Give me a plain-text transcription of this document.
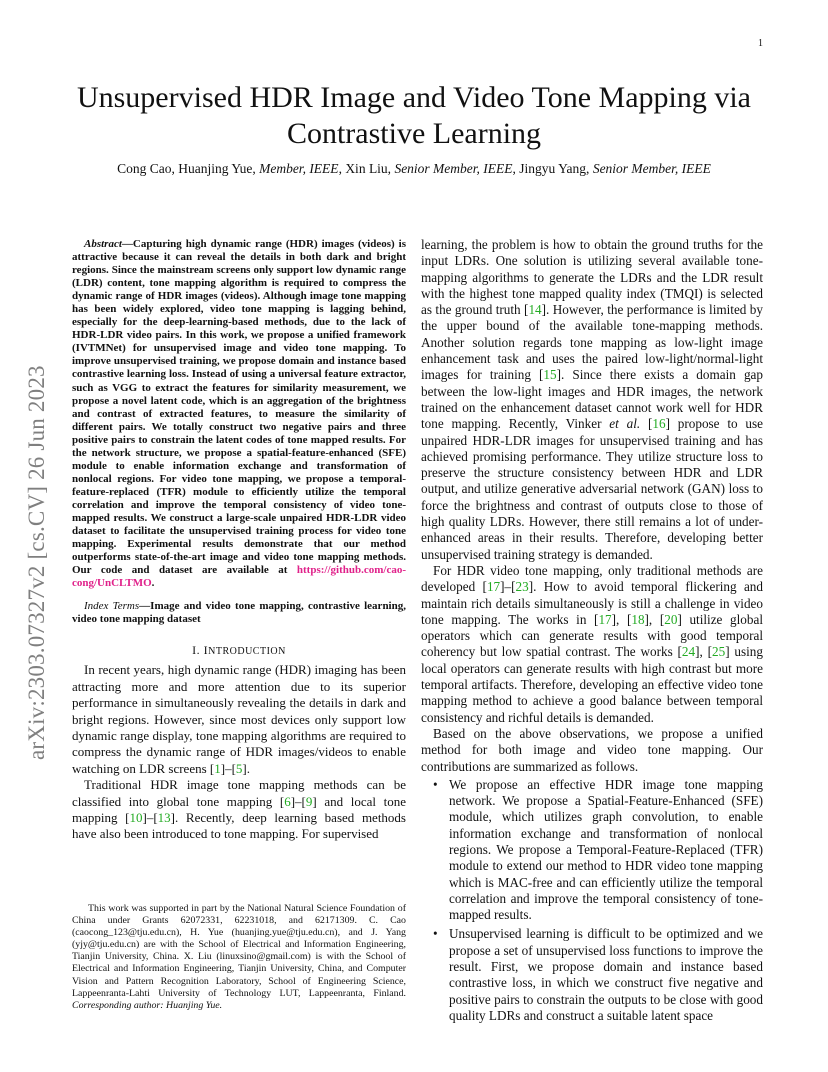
1
arXiv:2303.07327v2 [cs.CV] 26 Jun 2023
Unsupervised HDR Image and Video Tone Mapping via Contrastive Learning
Cong Cao, Huanjing Yue, Member, IEEE, Xin Liu, Senior Member, IEEE, Jingyu Yang, Senior Member, IEEE

Abstract—Capturing high dynamic range (HDR) images (videos) is attractive because it can reveal the details in both dark and bright regions. Since the mainstream screens only support low dynamic range (LDR) content, tone mapping algorithm is required to compress the dynamic range of HDR images (videos). Although image tone mapping has been widely explored, video tone mapping is lagging behind, especially for the deep-learning-based methods, due to the lack of HDR-LDR video pairs. In this work, we propose a unified framework (IVTMNet) for unsupervised image and video tone mapping. To improve unsupervised training, we propose domain and instance based contrastive learning loss. Instead of using a universal feature extractor, such as VGG to extract the features for similarity measurement, we propose a novel latent code, which is an aggregation of the brightness and contrast of extracted features, to measure the similarity of different pairs. We totally construct two negative pairs and three positive pairs to constrain the latent codes of tone mapped results. For the network structure, we propose a spatial-feature-enhanced (SFE) module to enable information exchange and transformation of nonlocal regions. For video tone mapping, we propose a temporal-feature-replaced (TFR) module to efficiently utilize the temporal correlation and improve the temporal consistency of video tone-mapped results. We construct a large-scale unpaired HDR-LDR video dataset to facilitate the unsupervised training process for video tone mapping. Experimental results demonstrate that our method outperforms state-of-the-art image and video tone mapping methods. Our code and dataset are available at https://github.com/cao-cong/UnCLTMO.

Index Terms—Image and video tone mapping, contrastive learning, video tone mapping dataset

I. INTRODUCTION

In recent years, high dynamic range (HDR) imaging has been attracting more and more attention due to its superior performance in simultaneously revealing the details in dark and bright regions. However, since most devices only support low dynamic range display, tone mapping algorithms are required to compress the dynamic range of HDR images/videos to enable watching on LDR screens [1]–[5].

Traditional HDR image tone mapping methods can be classified into global tone mapping [6]–[9] and local tone mapping [10]–[13]. Recently, deep learning based methods have also been introduced to tone mapping. For supervised

This work was supported in part by the National Natural Science Foundation of China under Grants 62072331, 62231018, and 62171309. C. Cao (caocong_123@tju.edu.cn), H. Yue (huanjing.yue@tju.edu.cn), and J. Yang (yjy@tju.edu.cn) are with the School of Electrical and Information Engineering, Tianjin University, China. X. Liu (linuxsino@gmail.com) is with the School of Electrical and Information Engineering, Tianjin University, China, and Computer Vision and Pattern Recognition Laboratory, School of Engineering Science, Lappeenranta-Lahti University of Technology LUT, Lappeenranta, Finland. Corresponding author: Huanjing Yue.

learning, the problem is how to obtain the ground truths for the input LDRs. One solution is utilizing several available tone-mapping algorithms to generate the LDRs and the LDR result with the highest tone mapped quality index (TMQI) is selected as the ground truth [14]. However, the performance is limited by the upper bound of the available tone-mapping methods. Another solution regards tone mapping as low-light image enhancement task and uses the paired low-light/normal-light images for training [15]. Since there exists a domain gap between the low-light images and HDR images, the network trained on the enhancement dataset cannot work well for HDR tone mapping. Recently, Vinker et al. [16] propose to use unpaired HDR-LDR images for unsupervised training and has achieved promising performance. They utilize structure loss to preserve the structure consistency between HDR and LDR output, and utilize generative adversarial network (GAN) loss to force the brightness and contrast of outputs close to those of high quality LDRs. However, there still remains a lot of under-enhanced areas in their results. Therefore, developing better unsupervised training strategy is demanded.

For HDR video tone mapping, only traditional methods are developed [17]–[23]. How to avoid temporal flickering and maintain rich details simultaneously is still a challenge in video tone mapping. The works in [17], [18], [20] utilize global operators which can generate results with good temporal coherency but low spatial contrast. The works [24], [25] using local operators can generate results with high contrast but more temporal artifacts. Therefore, developing an effective video tone mapping method to achieve a good balance between temporal consistency and richful details is demanded.

Based on the above observations, we propose a unified method for both image and video tone mapping. Our contributions are summarized as follows.

• We propose an effective HDR image tone mapping network. We propose a Spatial-Feature-Enhanced (SFE) module, which utilizes graph convolution, to enable information exchange and transformation of nonlocal regions. We propose a Temporal-Feature-Replaced (TFR) module to extend our method to HDR video tone mapping which is MAC-free and can efficiently utilize the temporal correlation and improve the temporal consistency of tone-mapped results.
• Unsupervised learning is difficult to be optimized and we propose a set of unsupervised loss functions to improve the result. First, we propose domain and instance based contrastive loss, in which we construct five negative and positive pairs to constrain the outputs to be close with good quality LDRs and construct a suitable latent space
